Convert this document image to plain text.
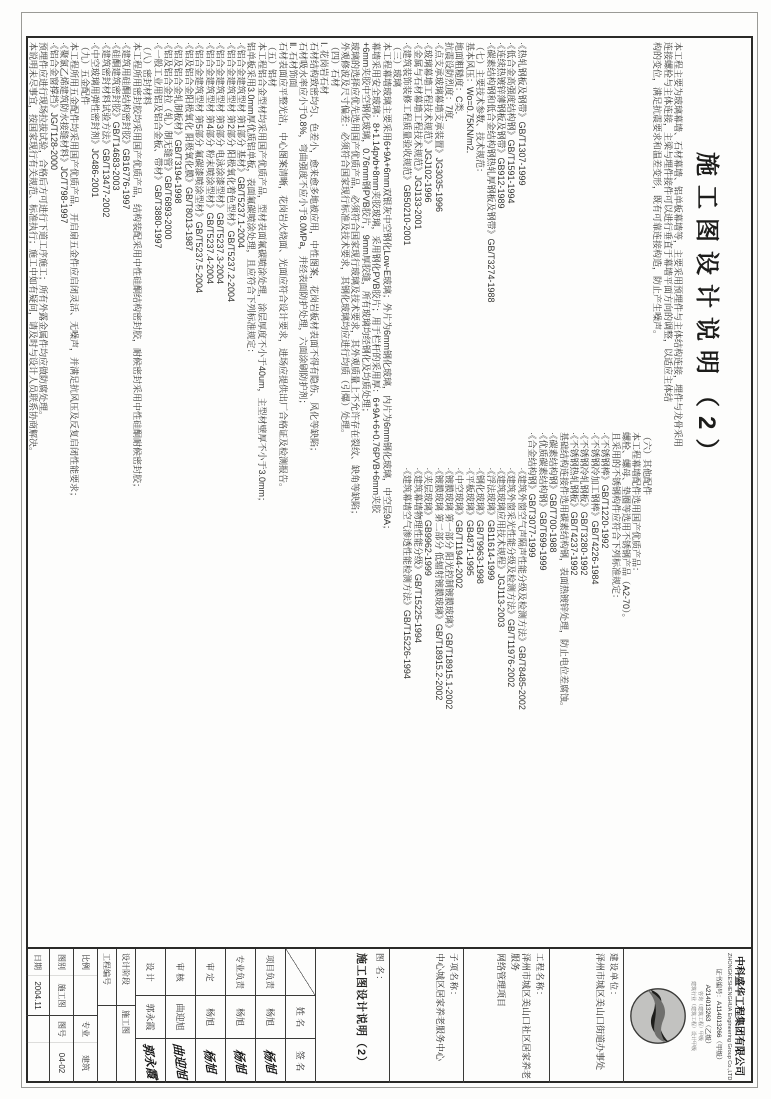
施工图设计说明（2）
本工程主要为玻璃幕墙、石材幕墙、铝单板幕墙等，主要采用预埋件与主体结构连接，埋件与龙骨采用
连接螺栓与主体连接，主梁与埋件接件可以进行垂直于幕墙平面方向的调整，以适应主体结
构的变位，满足抗震要求和温差变形，既有可靠连接构造，防止产生噪声。
（六）其他配件
本工程幕墙配件选用国产优质产品：
螺栓、螺母、垫圈等选用不锈钢产品（A2-70）。
且采用的不锈钢构件应符合下列标准规定：
·《不锈钢棒》GB/T1220-1992
·《不锈钢冷加工钢棒》GB/T4226-1984
·《不锈钢冷轧钢板》GB/T3280-1992
·《不锈钢热轧钢板》GB/T4237-1992
基础结构连接件选用碳素结构钢，表面热镀锌处理，防止电位差腐蚀。
·《碳素结构钢》GB/T700-1988
·《优质碳素结构钢》GB/T699-1999
·《合金结构钢》GB/T3077-1999
·《热轧钢板及钢带》GB/T1307-1999
·《低合金高强度结构钢》GB/T1591-1994
·《连续热镀锌薄钢板及钢带》GB912-1989
·《碳素结构钢和低合金结构钢热轧厚钢板及钢带》GB/T3274-1988
（七）主要技术参数、技术规范：
基本风压：Wo=0.75KN/m2．
地面粗糙度：C类．
抗震设防烈度：7度．
·《点支承玻璃幕墙支承装置》JG3035-1996
·《玻璃幕墙工程技术规范》JGJ102-1996
·《金属与石材幕墙工程技术规范》JGJ133-2001
·《建筑装饰装修工程质量验收规范》GB50210-2001
·《建筑外窗空气声隔声性能分级及检测方法》GB/T8485-2002
·《建筑外窗采光性能分级及检测方法》GB/T11976-2002
·《建筑玻璃应用技术规程》JGJ113-2003
·《浮法玻璃》GB11614-1999
·《钢化玻璃》GB/T9963-1998
·《平板玻璃》GB4871-1995
·《中空玻璃》GB/T11944-2002
·《镀膜玻璃 第一部分 阳光控制镀膜玻璃》GB/T18915.1-2002
·《镀膜玻璃 第二部分 低辐射镀膜玻璃》GB/T18915.2-2002
·《夹层玻璃》GB9962-1999
·《建筑幕墙物理性能分级》GB/T15225-1994
·《建筑幕墙空气渗透性能检测方法》GB/T15226-1994
（三）玻璃
本工程幕墙玻璃主要采用6+9A+6mm双银灰中空钢化Low-E玻璃；外片为6mm钢化玻璃，内片为6mm钢化玻璃，中空层9A；
幕墙采用安全玻璃：8+1.14pvb+8mm夹胶玻璃，采用钢化PVB胶片；用于栏杆的采用厚：6+9A+6+0.76PVB+6mm夹胶
+6mm夹胶中空钢化玻璃，0.76mm钢PVB胶片，9mm厚胶缝，所有玻璃均经钢化及均质处理；
玻璃的选择应优先选用国产优质产品，必须符合国家现行玻璃及技术要求，其外观质量上不允许存在裂纹、缺角等缺陷；
外观修波及尺寸偏差：必须符合国家现行标准及技术要求，其钢化玻璃均应进行均质（引爆）处理。
（四）石材
Ⅰ. 花岗岩石材
石材结构致密均匀、色差小，愈来愈多地被应用，中性图案，花岗岩板材表面不得有隐伤、风化等缺陷；
石材吸水率应小于0.8%，弯曲强度不应小于8.0MPa，并经表面防护处理，六面涂刷防护剂；
Ⅱ. 石材饰面
石材表面应平整光洁，中心图案清晰，花岗岩火烧面、光面应符合设计要求，进场应提供出厂合格证及检测报告。
（五）铝材
本工程铝合金型材均采用国产优质产品，型材表面氟碳喷涂处理，涂层厚度不小于40um，主型材壁厚不小于3.0mm；
铝单板采用3.0mm厚优质铝单板，表面氟碳喷涂处理，且应符合下列标准规定：
·《铝合金建筑型材 第1部分 基材》GB/T5237.1-2004
·《铝合金建筑型材 第2部分 阳极氧化着色型材》GB/T5237.2-2004
·《铝合金建筑型材 第3部分 电泳涂漆型材》GB/T5237.3-2004
·《铝合金建筑型材 第4部分 粉末喷涂型材》GB/T5237.4-2004
·《铝合金建筑型材 第5部分 氟碳漆喷涂型材》GB/T5237.5-2004
·《铝及铝合金阳极氧化 阳极氧化膜》GB/T8013-1987
·《铝及铝合金轧制板材》GB/T3194-1998
·《铝及铝合金拉（轧）制无缝管》GB/T6893-2000
·《一般工业用铝及铝合金板、带材》GB/T3880-1997
（八）密封材料
本工程所用密封胶均采用国产优质产品，结构装配采用中性硅酮结构密封胶，耐候密封采用中性硅酮耐候密封胶；
·《建筑用硅酮结构密封胶》GB16776-1997
·《硅酮建筑密封胶》GB/T14683-2003
·《建筑密封材料试验方法》GB/T13477-2002
·《中空玻璃用弹性密封剂》JC486-2001
（九）五金配件
本工程所用五金配件均采用国产优质产品，开启扇五金件应启闭灵活、无噪声，并满足抗风压及反复启闭性能要求；
·《聚氯乙烯建筑防水接缝材料》JC/T798-1997
·《铝合金窗撑挡》JG/T128-2000
预埋件应进行现场拉拔试验，合格后方可进行下道工序施工；所有外露金属件均应做防腐处理。
本说明未尽事宜，按国家现行有关规范、标准执行；施工中如有疑问，请及时与设计人员联系协商解决。
中科盛华工程集团有限公司
ZHONGKESHENGHUA Engineering Group Co.,LTD
证书编号：A114013266（甲级）
A214013263（乙级）
咨询（建筑工程）甲级
建筑行业（建筑工程）设计甲级
建设单位：
泽州市城区美山口街道办事处
工程名称：
泽州市城区美山口社区居家养老服务
网络管理项目
子项名称：
中心城区居家养老服务中心
图 名：
施工图设计说明（2）
姓 名
签 名
项目负责
杨旭
杨旭
专业负责
杨旭
杨旭
审 定
杨旭
杨旭
审 核
曲迎旭
曲迎旭
设 计
郭永霞
郭永霞
设计阶段
施工图
工程编号
比例
专业
建筑
图别
施工图
图号
04-02
日期
2004.11
